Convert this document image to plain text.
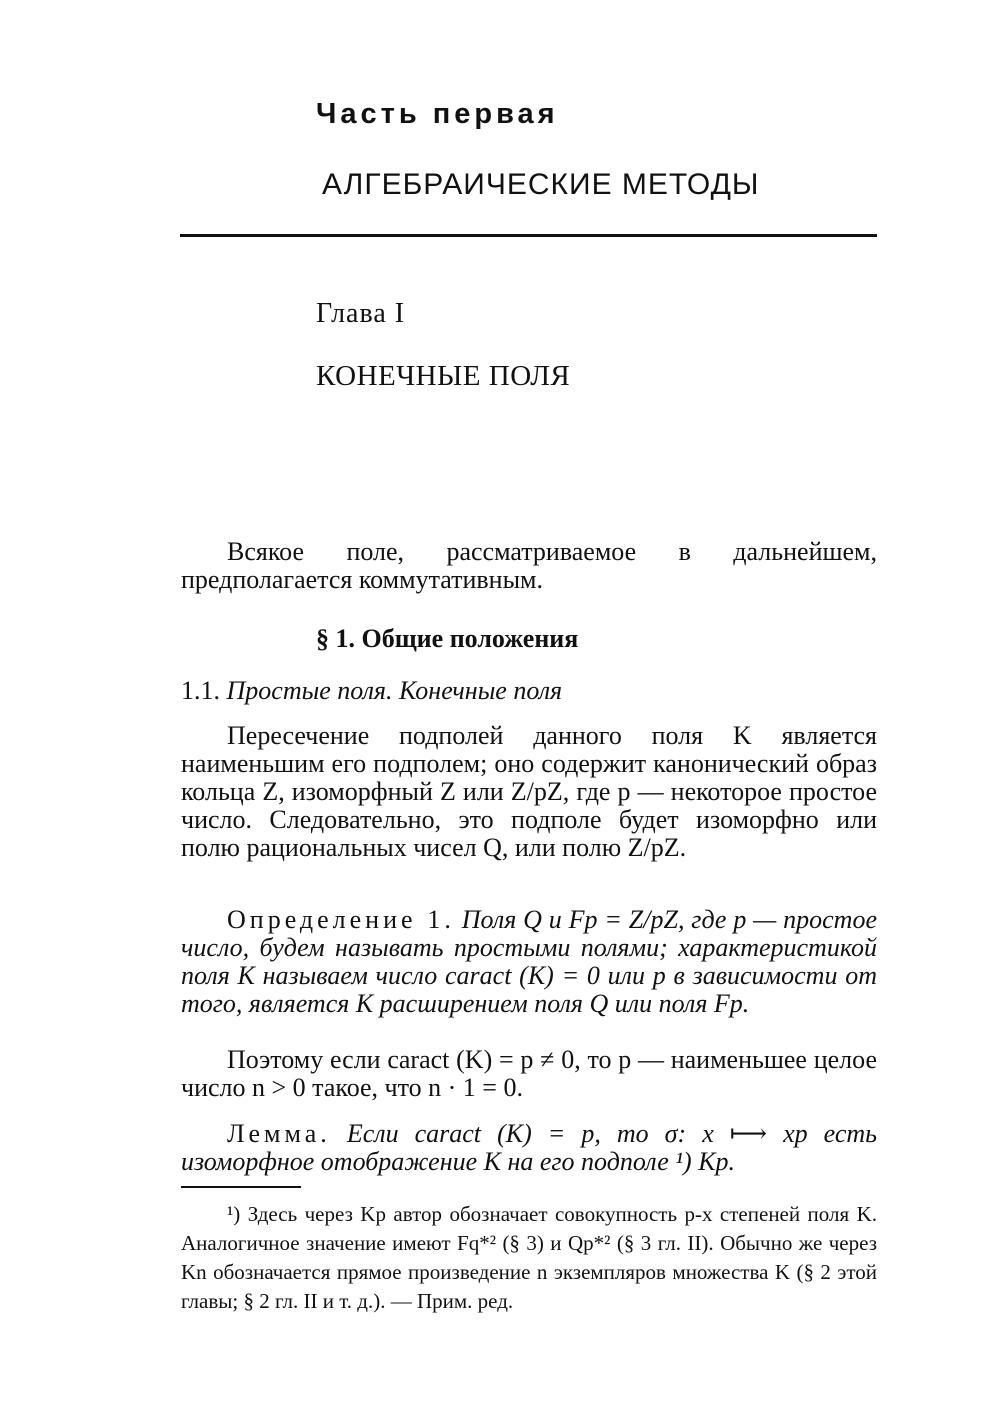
Часть первая
АЛГЕБРАИЧЕСКИЕ МЕТОДЫ
Глава I
КОНЕЧНЫЕ ПОЛЯ
Всякое поле, рассматриваемое в дальнейшем, предполагается коммутативным.
§ 1. Общие положения
1.1. Простые поля. Конечные поля
Пересечение подполей данного поля K является наименьшим его подполем; оно содержит канонический образ кольца Z, изоморфный Z или Z/pZ, где p — некоторое простое число. Следовательно, это подполе будет изоморфно или полю рациональных чисел Q, или полю Z/pZ.
Определение 1. Поля Q и Fp = Z/pZ, где p — простое число, будем называть простыми полями; характеристикой поля K называем число caract (K) = 0 или p в зависимости от того, является K расширением поля Q или поля Fp.
Поэтому если caract (K) = p ≠ 0, то p — наименьшее целое число n > 0 такое, что n · 1 = 0.
Лемма. Если caract (K) = p, то σ: x ⟼ xp есть изоморфное отображение K на его подполе ¹) Kp.
¹) Здесь через Kp автор обозначает совокупность p-х степеней поля K. Аналогичное значение имеют Fq*² (§ 3) и Qp*² (§ 3 гл. II). Обычно же через Kn обозначается прямое произведение n экземпляров множества K (§ 2 этой главы; § 2 гл. II и т. д.). — Прим. ред.
